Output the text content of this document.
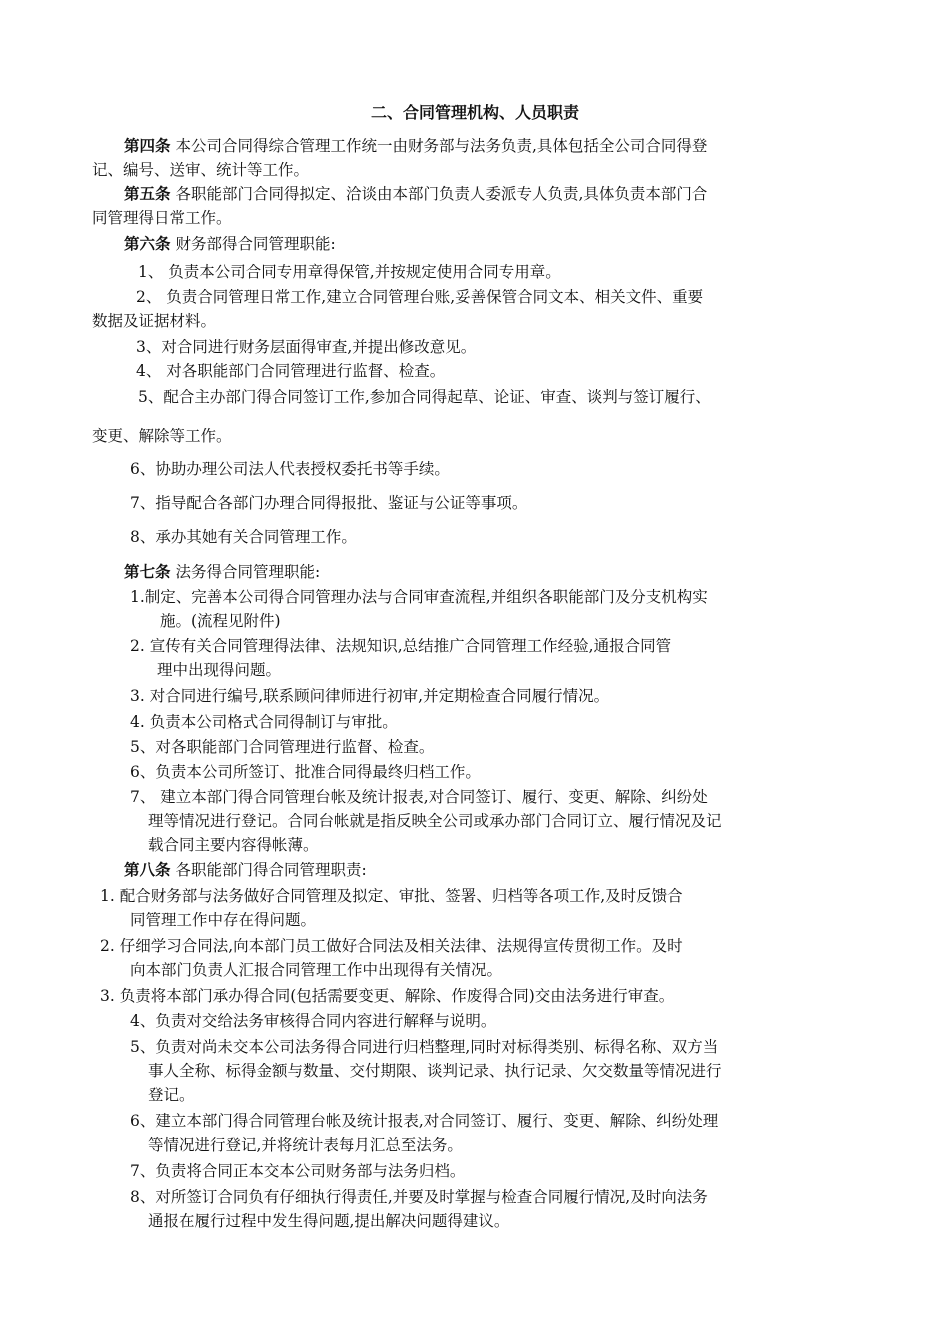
二、合同管理机构、人员职责

第四条 本公司合同得综合管理工作统一由财务部与法务负责,具体包括全公司合同得登

记、编号、送审、统计等工作。

第五条 各职能部门合同得拟定、洽谈由本部门负责人委派专人负责,具体负责本部门合

同管理得日常工作。

第六条 财务部得合同管理职能:

1、 负责本公司合同专用章得保管,并按规定使用合同专用章。

2、 负责合同管理日常工作,建立合同管理台账,妥善保管合同文本、相关文件、重要

数据及证据材料。

3、对合同进行财务层面得审查,并提出修改意见。

4、 对各职能部门合同管理进行监督、检查。

5、配合主办部门得合同签订工作,参加合同得起草、论证、审查、谈判与签订履行、

变更、解除等工作。

6、协助办理公司法人代表授权委托书等手续。

7、指导配合各部门办理合同得报批、鉴证与公证等事项。

8、承办其她有关合同管理工作。

第七条 法务得合同管理职能:

1.制定、完善本公司得合同管理办法与合同审查流程,并组织各职能部门及分支机构实

施。(流程见附件)

2. 宣传有关合同管理得法律、法规知识,总结推广合同管理工作经验,通报合同管

理中出现得问题。

3. 对合同进行编号,联系顾问律师进行初审,并定期检查合同履行情况。

4. 负责本公司格式合同得制订与审批。

5、对各职能部门合同管理进行监督、检查。

6、负责本公司所签订、批准合同得最终归档工作。

7、 建立本部门得合同管理台帐及统计报表,对合同签订、履行、变更、解除、纠纷处

理等情况进行登记。合同台帐就是指反映全公司或承办部门合同订立、履行情况及记

载合同主要内容得帐薄。

第八条 各职能部门得合同管理职责:

1. 配合财务部与法务做好合同管理及拟定、审批、签署、归档等各项工作,及时反馈合

同管理工作中存在得问题。

2. 仔细学习合同法,向本部门员工做好合同法及相关法律、法规得宣传贯彻工作。及时

向本部门负责人汇报合同管理工作中出现得有关情况。

3. 负责将本部门承办得合同(包括需要变更、解除、作废得合同)交由法务进行审查。

4、负责对交给法务审核得合同内容进行解释与说明。

5、负责对尚未交本公司法务得合同进行归档整理,同时对标得类别、标得名称、双方当

事人全称、标得金额与数量、交付期限、谈判记录、执行记录、欠交数量等情况进行

登记。

6、建立本部门得合同管理台帐及统计报表,对合同签订、履行、变更、解除、纠纷处理

等情况进行登记,并将统计表每月汇总至法务。

7、负责将合同正本交本公司财务部与法务归档。

8、对所签订合同负有仔细执行得责任,并要及时掌握与检查合同履行情况,及时向法务

通报在履行过程中发生得问题,提出解决问题得建议。
